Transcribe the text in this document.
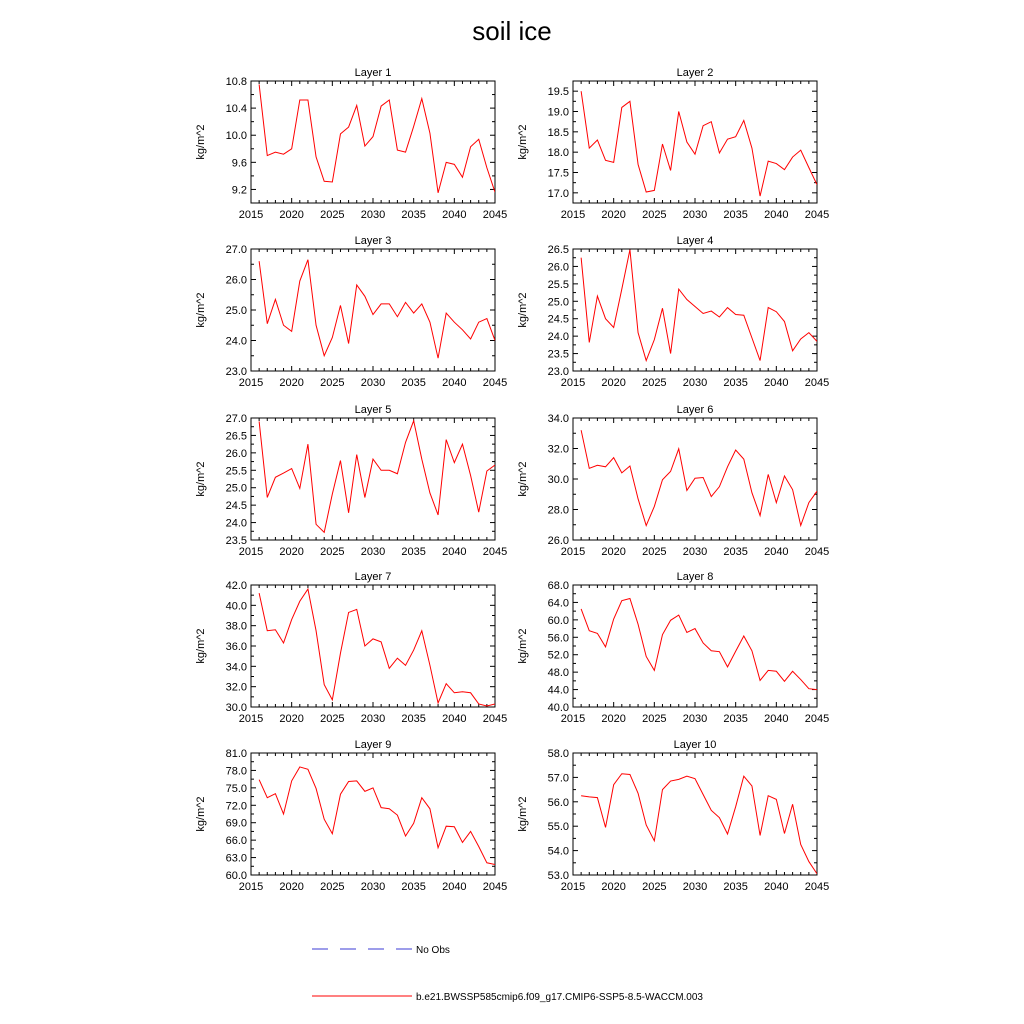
soil ice
Layer 1
kg/m^2
2015 2020 2025 2030 2035 2040 2045
9.2
9.6
10.0
10.4
10.8
Layer 2
kg/m^2
2015 2020 2025 2030 2035 2040 2045
17.0
17.5
18.0
18.5
19.0
19.5
Layer 3
kg/m^2
2015 2020 2025 2030 2035 2040 2045
23.0
24.0
25.0
26.0
27.0
Layer 4
kg/m^2
2015 2020 2025 2030 2035 2040 2045
23.0
23.5
24.0
24.5
25.0
25.5
26.0
26.5
Layer 5
kg/m^2
2015 2020 2025 2030 2035 2040 2045
23.5
24.0
24.5
25.0
25.5
26.0
26.5
27.0
Layer 6
kg/m^2
2015 2020 2025 2030 2035 2040 2045
26.0
28.0
30.0
32.0
34.0
Layer 7
kg/m^2
2015 2020 2025 2030 2035 2040 2045
30.0
32.0
34.0
36.0
38.0
40.0
42.0
Layer 8
kg/m^2
2015 2020 2025 2030 2035 2040 2045
40.0
44.0
48.0
52.0
56.0
60.0
64.0
68.0
Layer 9
kg/m^2
2015 2020 2025 2030 2035 2040 2045
60.0
63.0
66.0
69.0
72.0
75.0
78.0
81.0
Layer 10
kg/m^2
2015 2020 2025 2030 2035 2040 2045
53.0
54.0
55.0
56.0
57.0
58.0
No Obs
b.e21.BWSSP585cmip6.f09_g17.CMIP6-SSP5-8.5-WACCM.003
